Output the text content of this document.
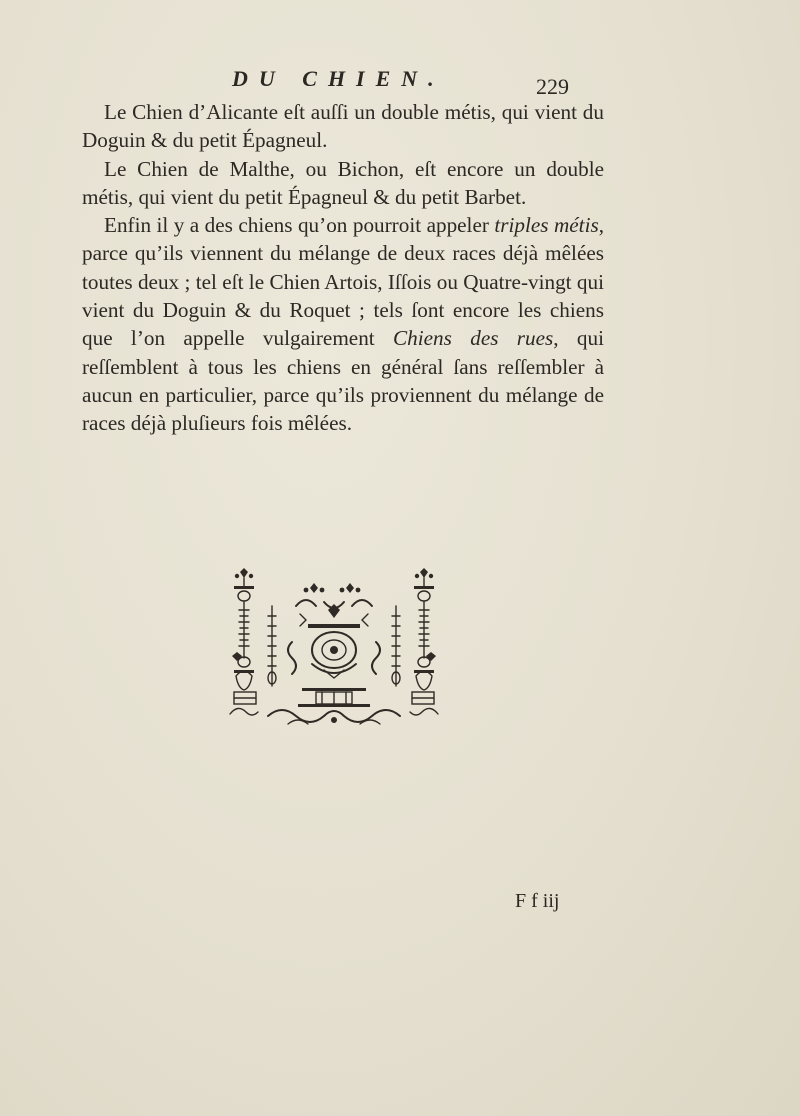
DU CHIEN.	229

Le Chien d’Alicante eſt auſſi un double métis, qui vient du Doguin & du petit Épagneul.

Le Chien de Malthe, ou Bichon, eſt encore un double métis, qui vient du petit Épagneul & du petit Barbet.

Enfin il y a des chiens qu’on pourroit appeler triples métis, parce qu’ils viennent du mélange de deux races déjà mêlées toutes deux ; tel eſt le Chien Artois, Iſſois ou Quatre-vingt qui vient du Doguin & du Roquet ; tels ſont encore les chiens que l’on appelle vulgairement Chiens des rues, qui reſſemblent à tous les chiens en général ſans reſſembler à aucun en particulier, parce qu’ils proviennent du mélange de races déjà pluſieurs fois mêlées.

F f iij
